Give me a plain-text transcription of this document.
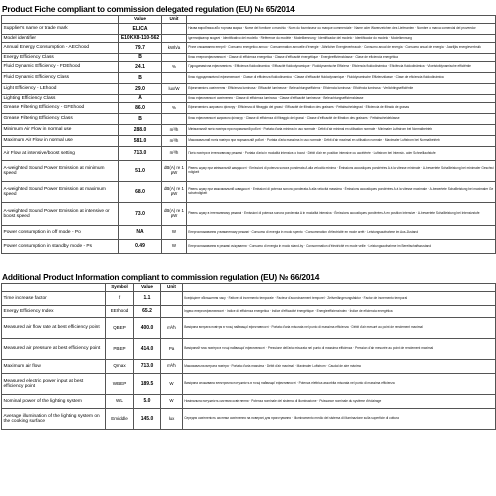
Product Fiche compliant to commission delegated regulation (EU) № 65/2014
	Value	Unit	
Supplier's name or trade mark	ELICA		Назва виробника або торгова марка · Nome del fornitore o marchio · Nom du fournisseur ou marque commerciale · Name oder Warenzeichen des Lieferanten · Nombre o marca comercial del proveedor
Model identifier	E10KX8-110-562		Ідентифікатор моделі · Identificativo del modello · Référence du modèle · Modellkennung · Identificador del modelo · Identificador do modelo · Modelkennung
Annual Energy Consumption - AEChood	79.7	kWh/a	Річне споживання енергії · Consumo energetico annuo · Consommation annuelle d'énergie · Jährlicher Energieverbrauch · Consumo anual de energía · Consumo anual de energia · Jaarlijks energieverbruik
Energy Efficiency Class	B		Клас енергоефективності · Classe di efficienza energetica · Classe d'efficacité énergétique · Energieeffizienzklasse · Clase de eficiencia energética
Fluid Dynamic Efficiency - FDEhood	24.1	%	Гідродинамічна ефективність · Efficienza fluidodinamica · Efficacité fluidodynamique · Fluiddynamische Effizienz · Eficiencia fluidodinámica · Eficiência fluidodinâmica · Vloeistofdynamische efficiëntie
Fluid Dynamic Efficiency Class	B		Клас гідродинамічної ефективності · Classe di efficienza fluidodinamica · Classe d'efficacité fluidodynamique · Fluiddynamische Effizienzklasse · Clase de eficiencia fluidodinámica
Light Efficiency - LEhood	29.0	lux/W	Ефективність освітлення · Efficienza luminosa · Efficacité lumineuse · Beleuchtungseffizienz · Eficiencia luminosa · Eficiência luminosa · Verlichtingsefficiëntie
Lighting Efficiency Class	A		Клас ефективності освітлення · Classe di efficienza luminosa · Classe d'efficacité lumineuse · Beleuchtungseffizienzklasse
Grease Filtering Efficiency - GFEhood	86.0	%	Ефективність жирового фільтру · Efficienza di filtraggio dei grassi · Efficacité de filtration des graisses · Fettabscheidegrad · Eficiencia de filtrado de grasas
Grease Filtering Efficiency Class	B		Клас ефективності жирового фільтру · Classe di efficienza di filtraggio dei grassi · Classe d'efficacité de filtration des graisses · Fettabscheideklasse
Minimum Air Flow in normal use	288.0	m³/h	Мінімальний потік повітря при нормальній роботі · Portata d'aria minima in uso normale · Débit d'air minimal en utilisation normale · Minimaler Luftstrom bei Normalbetrieb
Maximum Air Flow in normal use	581.0	m³/h	Максимальний потік повітря при нормальній роботі · Portata d'aria massima in uso normale · Débit d'air maximal en utilisation normale · Maximaler Luftstrom bei Normalbetrieb
Air Flow at intensive/boost setting	713.0	m³/h	Потік повітря в інтенсивному режимі · Portata d'aria in modalità intensiva o boost · Débit d'air en position intensive ou accélérée · Luftstrom bei Intensiv- oder Schnelllaufstufe
A-weighted Sound Power Emission at minimum speed	51.0	dB(A) re 1 pW	Рівень шуму при мінімальній швидкості · Emissioni di potenza sonora ponderata A alla velocità minima · Émissions acoustiques pondérées A à la vitesse minimale · A-bewertete Schallleistung bei minimaler Geschwindigkeit
A-weighted Sound Power Emission at maximum speed	68.0	dB(A) re 1 pW	Рівень шуму при максимальній швидкості · Emissioni di potenza sonora ponderata A alla velocità massima · Émissions acoustiques pondérées A à la vitesse maximale · A-bewertete Schallleistung bei maximaler Geschwindigkeit
A-weighted Sound Power Emission at intensive or boost speed	73.0	dB(A) re 1 pW	Рівень шуму в інтенсивному режимі · Emissioni di potenza sonora ponderata A in modalità intensiva · Émissions acoustiques pondérées A en position intensive · A-bewertete Schallleistung bei Intensivstufe
Power consumption in off mode - Po	NA	W	Енергоспоживання у вимкненому режимі · Consumo di energia in modo spento · Consommation d'électricité en mode arrêt · Leistungsaufnahme im Aus-Zustand
Power consumption in standby mode - Ps	0.49	W	Енергоспоживання в режимі очікування · Consumo di energia in modo stand-by · Consommation d'électricité en mode veille · Leistungsaufnahme im Bereitschaftszustand
Additional Product Information compliant to commission regulation (EU) № 66/2014
	Symbol	Value	Unit	
Time increase factor	f	1.1		Коефіцієнт збільшення часу · Fattore di incremento temporale · Facteur d'accroissement temporel · Zeitverlängerungsfaktor · Factor de incremento temporal
Energy Efficiency Index	EEIhood	65.2		Індекс енергоефективності · Indice di efficienza energetica · Indice d'efficacité énergétique · Energieeffizienzindex · Índice de eficiencia energética
Measured air flow rate at best efficiency point	QBEP	400.0	m³/h	Виміряна витрата повітря в точці найвищої ефективності · Portata d'aria misurata nel punto di massima efficienza · Débit d'air mesuré au point de rendement maximal
Measured air pressure at best efficiency point	PBEP	414.0	Pa	Виміряний тиск повітря в точці найвищої ефективності · Pressione dell'aria misurata nel punto di massima efficienza · Pression d'air mesurée au point de rendement maximal
Maximum air flow	Qmax	713.0	m³/h	Максимальна витрата повітря · Portata d'aria massima · Débit d'air maximal · Maximaler Luftstrom · Caudal de aire máximo
Measured electric power input at best efficiency point	WBEP	189.5	W	Виміряна споживана електрична потужність в точці найвищої ефективності · Potenza elettrica assorbita misurata nel punto di massima efficienza
Nominal power of the lighting system	WL	5.0	W	Номінальна потужність системи освітлення · Potenza nominale del sistema di illuminazione · Puissance nominale du système d'éclairage
Average illumination of the lighting system on the cooking surface	Emiddle	145.0	lux	Середня освітленість системи освітлення на поверхні для приготування · Illuminamento medio del sistema di illuminazione sulla superficie di cottura
